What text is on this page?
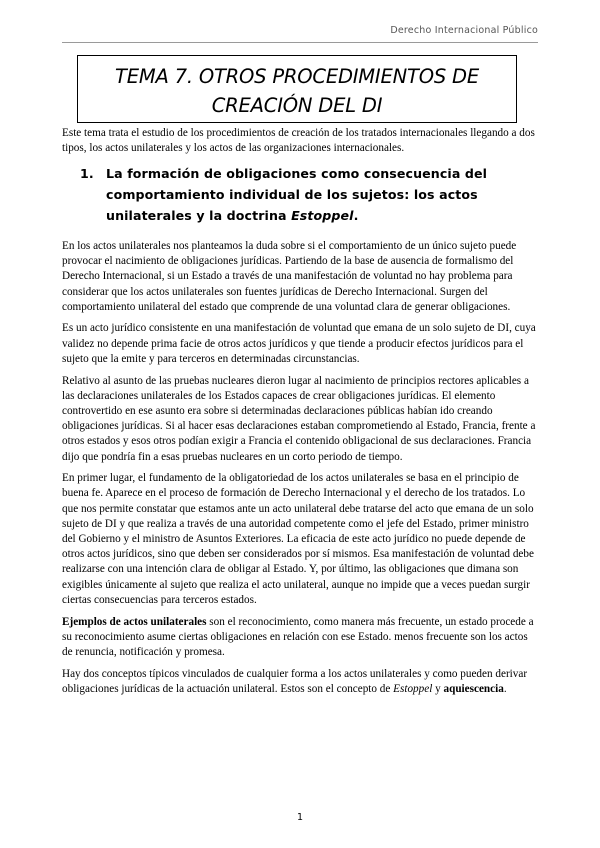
Derecho Internacional Público
TEMA 7. OTROS PROCEDIMIENTOS DE
CREACIÓN DEL DI

Este tema trata el estudio de los procedimientos de creación de los tratados internacionales llegando a dos tipos, los actos unilaterales y los actos de las organizaciones internacionales.

1. La formación de obligaciones como consecuencia del comportamiento individual de los sujetos: los actos unilaterales y la doctrina Estoppel.

En los actos unilaterales nos planteamos la duda sobre si el comportamiento de un único sujeto puede provocar el nacimiento de obligaciones jurídicas. Partiendo de la base de ausencia de formalismo del Derecho Internacional, si un Estado a través de una manifestación de voluntad no hay problema para considerar que los actos unilaterales son fuentes jurídicas de Derecho Internacional. Surgen del comportamiento unilateral del estado que comprende de una voluntad clara de generar obligaciones.

Es un acto jurídico consistente en una manifestación de voluntad que emana de un solo sujeto de DI, cuya validez no depende prima facie de otros actos jurídicos y que tiende a producir efectos jurídicos para el sujeto que la emite y para terceros en determinadas circunstancias.

Relativo al asunto de las pruebas nucleares dieron lugar al nacimiento de principios rectores aplicables a las declaraciones unilaterales de los Estados capaces de crear obligaciones jurídicas. El elemento controvertido en ese asunto era sobre si determinadas declaraciones públicas habían ido creando obligaciones jurídicas. Si al hacer esas declaraciones estaban comprometiendo al Estado, Francia, frente a otros estados y esos otros podían exigir a Francia el contenido obligacional de sus declaraciones. Francia dijo que pondría fin a esas pruebas nucleares en un corto periodo de tiempo.

En primer lugar, el fundamento de la obligatoriedad de los actos unilaterales se basa en el principio de buena fe. Aparece en el proceso de formación de Derecho Internacional y el derecho de los tratados. Lo que nos permite constatar que estamos ante un acto unilateral debe tratarse del acto que emana de un solo sujeto de DI y que realiza a través de una autoridad competente como el jefe del Estado, primer ministro del Gobierno y el ministro de Asuntos Exteriores. La eficacia de este acto jurídico no puede depende de otros actos jurídicos, sino que deben ser considerados por sí mismos. Esa manifestación de voluntad debe realizarse con una intención clara de obligar al Estado. Y, por último, las obligaciones que dimana son exigibles únicamente al sujeto que realiza el acto unilateral, aunque no impide que a veces puedan surgir ciertas consecuencias para terceros estados.

Ejemplos de actos unilaterales son el reconocimiento, como manera más frecuente, un estado procede a su reconocimiento asume ciertas obligaciones en relación con ese Estado. menos frecuente son los actos de renuncia, notificación y promesa.

Hay dos conceptos típicos vinculados de cualquier forma a los actos unilaterales y como pueden derivar obligaciones jurídicas de la actuación unilateral. Estos son el concepto de Estoppel y aquiescencia.

1
